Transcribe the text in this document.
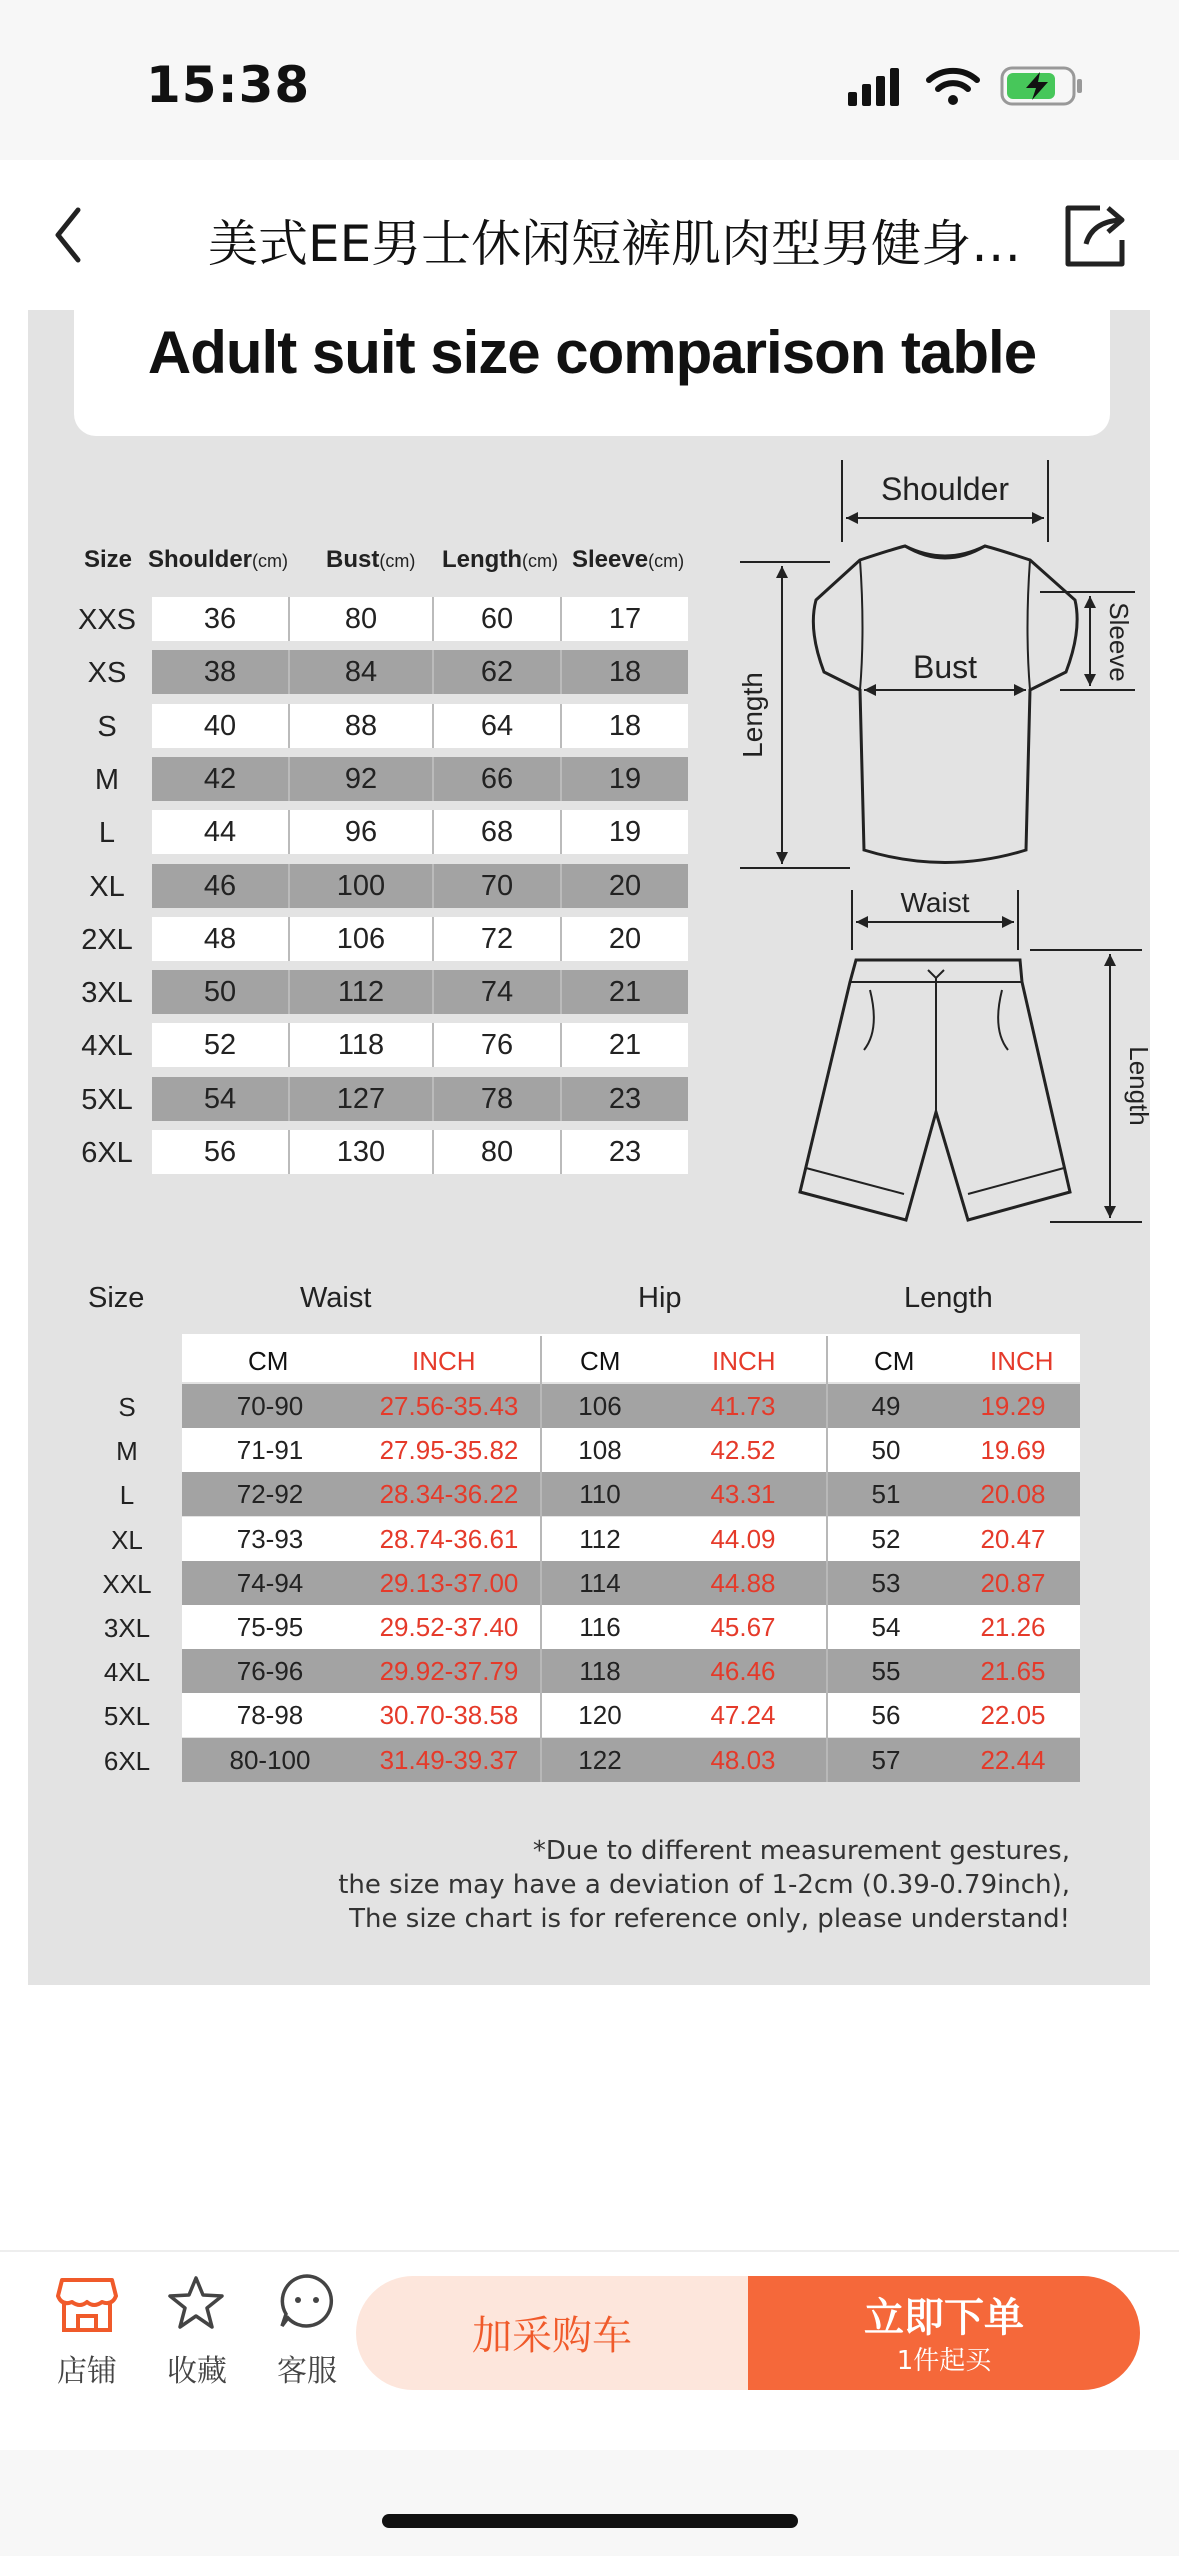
15:38
美式EE男士休闲短裤肌肉型男健身…
Adult suit size comparison table
Size Shoulder(cm) Bust(cm) Length(cm) Sleeve(cm)
XXS	36	80	60	17
XS	38	84	62	18
S	40	88	64	18
M	42	92	66	19
L	44	96	68	19
XL	46	100	70	20
2XL	48	106	72	20
3XL	50	112	74	21
4XL	52	118	76	21
5XL	54	127	78	23
6XL	56	130	80	23
Shoulder
Bust
Length
Sleeve
Waist
Length
Size	Waist	Hip	Length
CM	INCH	CM	INCH	CM	INCH
S	70-90	27.56-35.43	106	41.73	49	19.29
M	71-91	27.95-35.82	108	42.52	50	19.69
L	72-92	28.34-36.22	110	43.31	51	20.08
XL	73-93	28.74-36.61	112	44.09	52	20.47
XXL	74-94	29.13-37.00	114	44.88	53	20.87
3XL	75-95	29.52-37.40	116	45.67	54	21.26
4XL	76-96	29.92-37.79	118	46.46	55	21.65
5XL	78-98	30.70-38.58	120	47.24	56	22.05
6XL	80-100	31.49-39.37	122	48.03	57	22.44
*Due to different measurement gestures,
the size may have a deviation of 1-2cm (0.39-0.79inch),
The size chart is for reference only, please understand!
店铺	收藏	客服
加采购车	立即下单
1件起买
